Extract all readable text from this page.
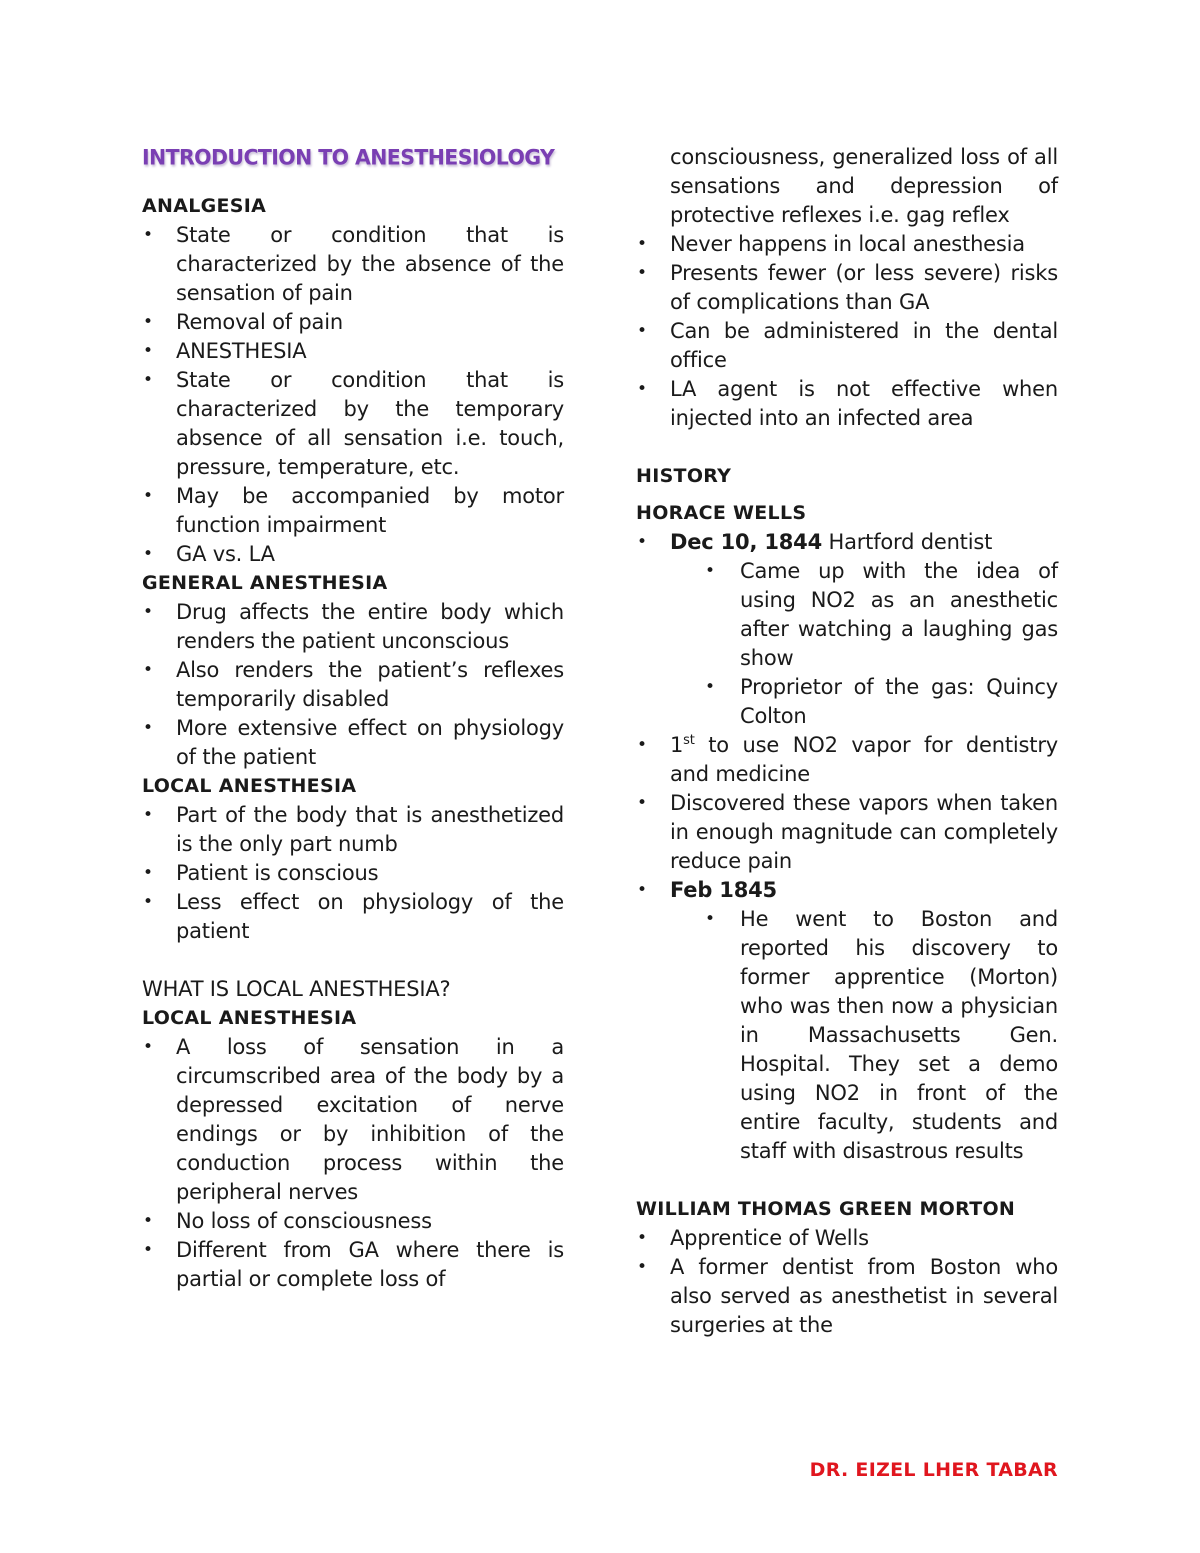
INTRODUCTION TO ANESTHESIOLOGY
ANALGESIA
• State or condition that is characterized by the absence of the sensation of pain
• Removal of pain
• ANESTHESIA
• State or condition that is characterized by the temporary absence of all sensation i.e. touch, pressure, temperature, etc.
• May be accompanied by motor function impairment
• GA vs. LA
GENERAL ANESTHESIA
• Drug affects the entire body which renders the patient unconscious
• Also renders the patient’s reflexes temporarily disabled
• More extensive effect on physiology of the patient
LOCAL ANESTHESIA
• Part of the body that is anesthetized is the only part numb
• Patient is conscious
• Less effect on physiology of the patient
WHAT IS LOCAL ANESTHESIA?
LOCAL ANESTHESIA
• A loss of sensation in a circumscribed area of the body by a depressed excitation of nerve endings or by inhibition of the conduction process within the peripheral nerves
• No loss of consciousness
• Different from GA where there is partial or complete loss of
consciousness, generalized loss of all sensations and depression of protective reflexes i.e. gag reflex
• Never happens in local anesthesia
• Presents fewer (or less severe) risks of complications than GA
• Can be administered in the dental office
• LA agent is not effective when injected into an infected area
HISTORY
HORACE WELLS
• Dec 10, 1844 Hartford dentist
• Came up with the idea of using NO2 as an anesthetic after watching a laughing gas show
• Proprietor of the gas: Quincy Colton
• 1st to use NO2 vapor for dentistry and medicine
• Discovered these vapors when taken in enough magnitude can completely reduce pain
• Feb 1845
• He went to Boston and reported his discovery to former apprentice (Morton) who was then now a physician in Massachusetts Gen. Hospital. They set a demo using NO2 in front of the entire faculty, students and staff with disastrous results
WILLIAM THOMAS GREEN MORTON
• Apprentice of Wells
• A former dentist from Boston who also served as anesthetist in several surgeries at the
DR. EIZEL LHER TABAR
